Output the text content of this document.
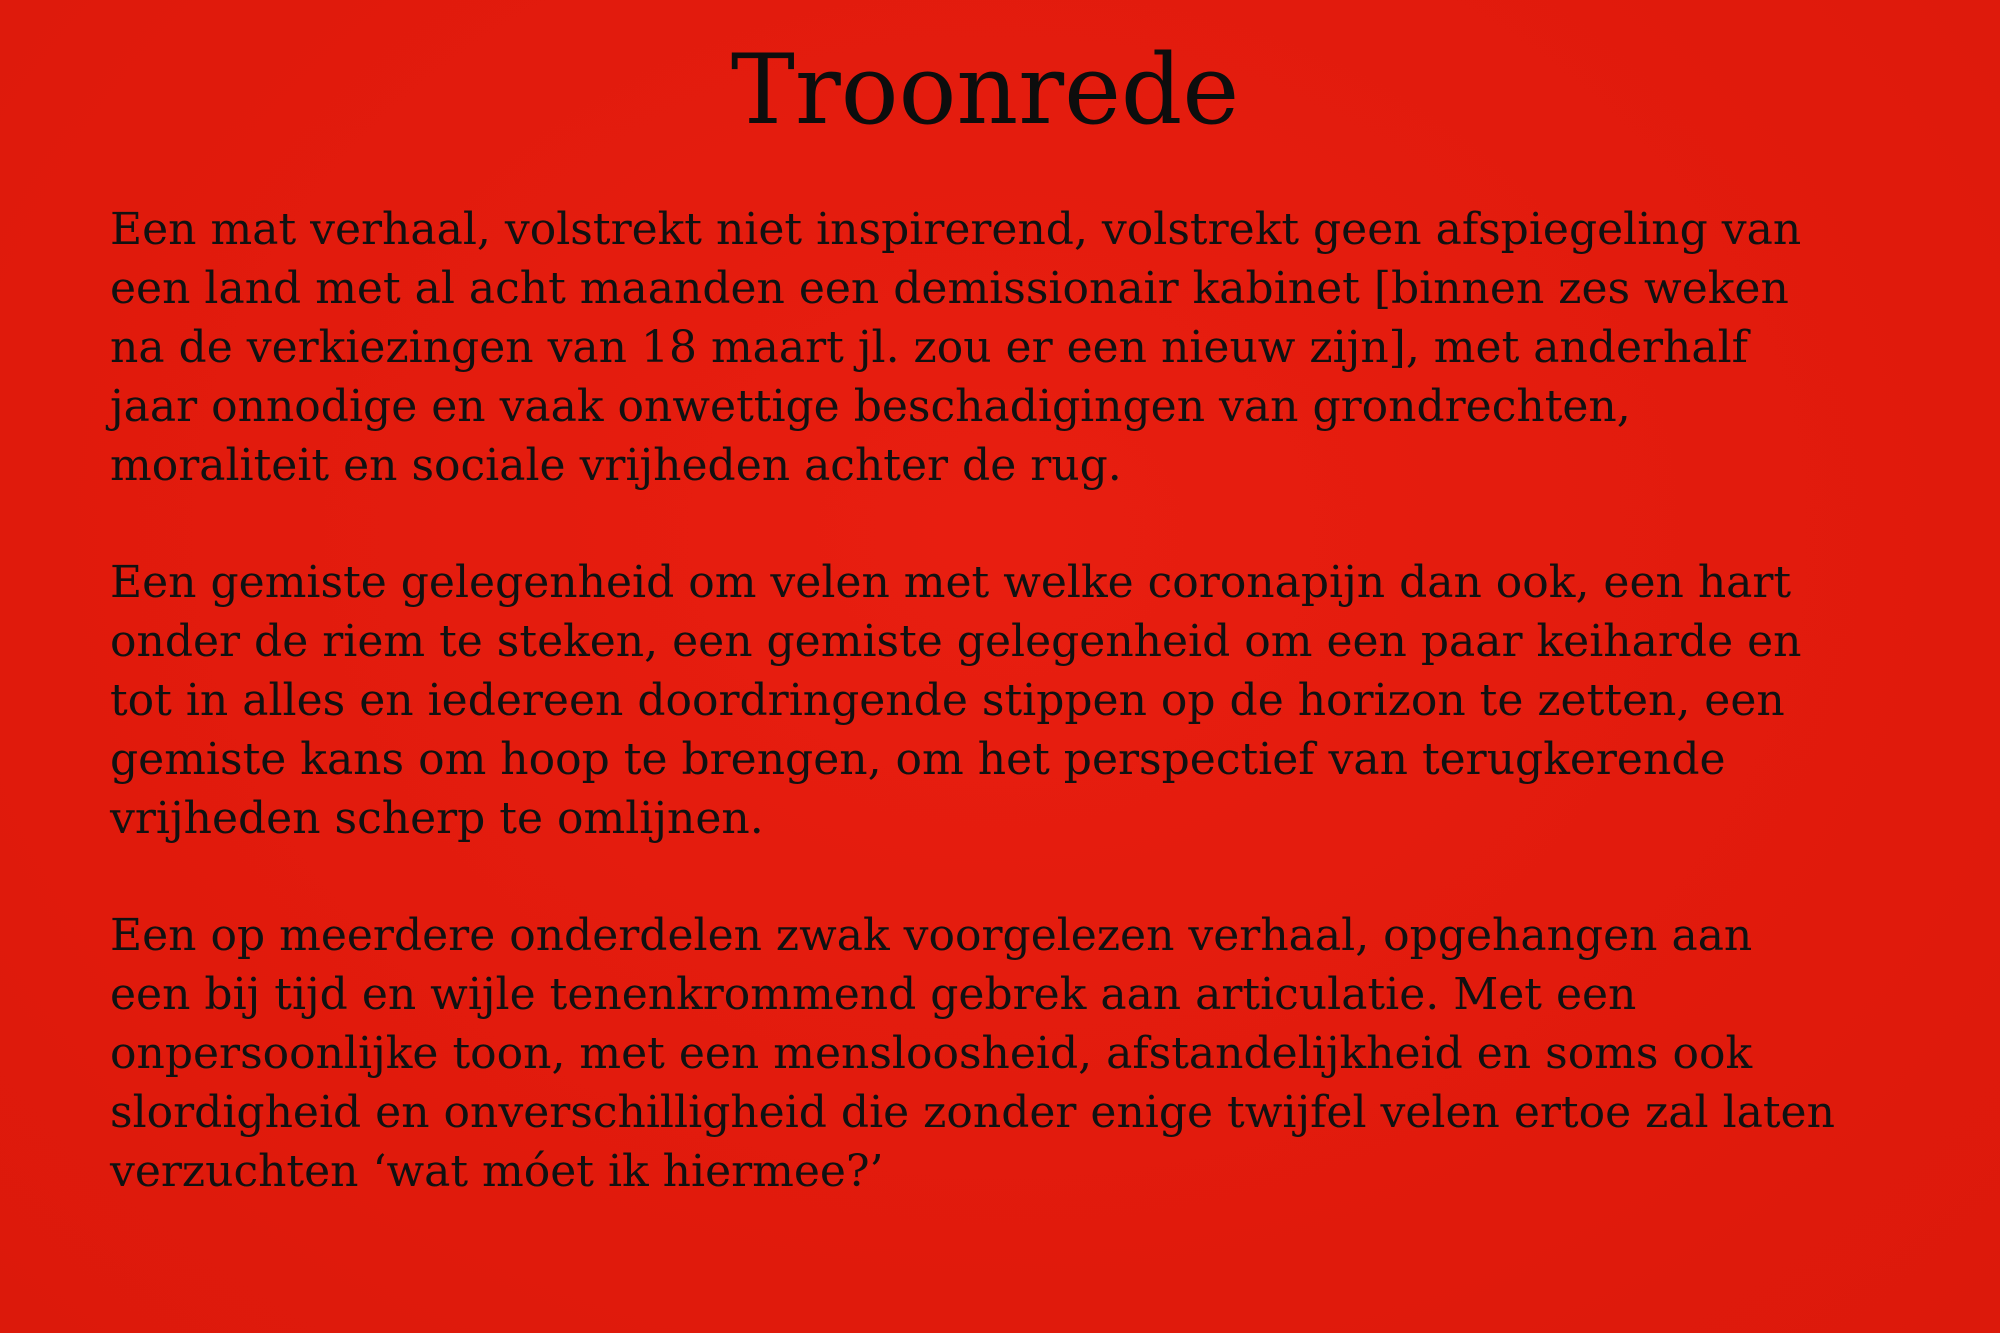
Troonrede

Een mat verhaal, volstrekt niet inspirerend, volstrekt geen afspiegeling van
een land met al acht maanden een demissionair kabinet [binnen zes weken
na de verkiezingen van 18 maart jl. zou er een nieuw zijn], met anderhalf
jaar onnodige en vaak onwettige beschadigingen van grondrechten,
moraliteit en sociale vrijheden achter de rug.

Een gemiste gelegenheid om velen met welke coronapijn dan ook, een hart
onder de riem te steken, een gemiste gelegenheid om een paar keiharde en
tot in alles en iedereen doordringende stippen op de horizon te zetten, een
gemiste kans om hoop te brengen, om het perspectief van terugkerende
vrijheden scherp te omlijnen.

Een op meerdere onderdelen zwak voorgelezen verhaal, opgehangen aan
een bij tijd en wijle tenenkrommend gebrek aan articulatie. Met een
onpersoonlijke toon, met een mensloosheid, afstandelijkheid en soms ook
slordigheid en onverschilligheid die zonder enige twijfel velen ertoe zal laten
verzuchten ‘wat móet ik hiermee?’
